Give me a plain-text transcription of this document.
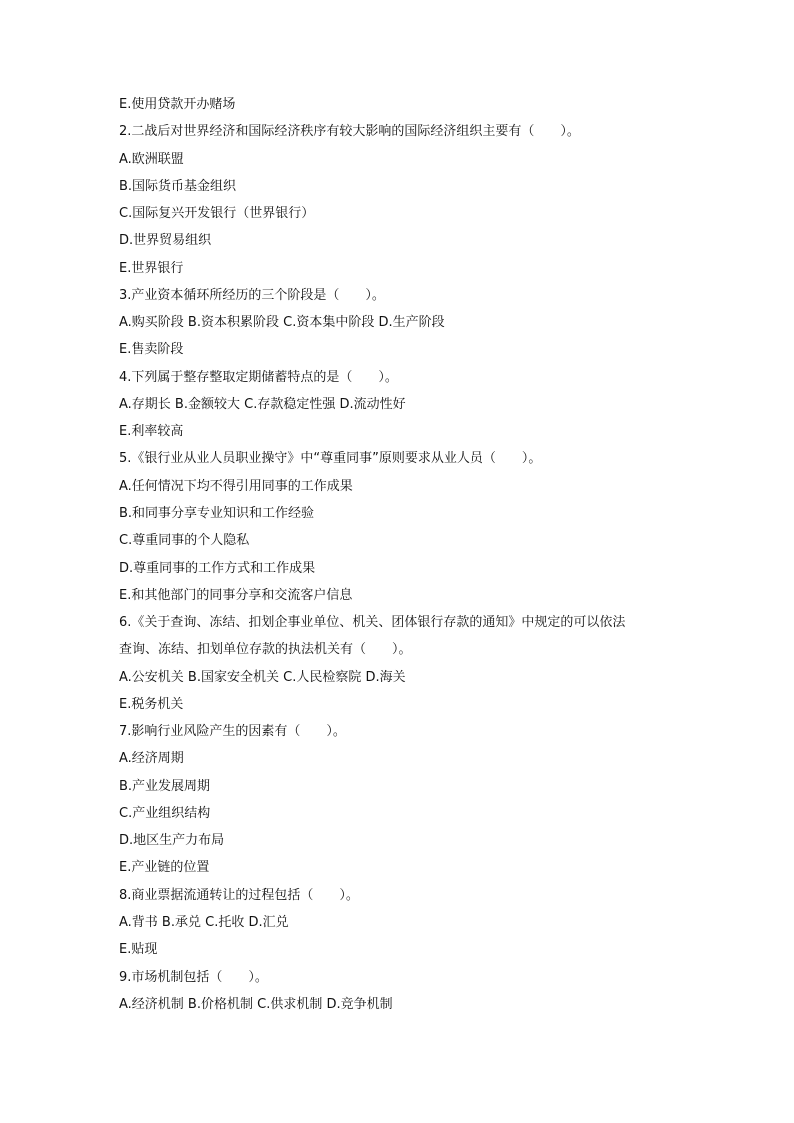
E.使用贷款开办赌场
2.二战后对世界经济和国际经济秩序有较大影响的国际经济组织主要有（　　）。
A.欧洲联盟
B.国际货币基金组织
C.国际复兴开发银行（世界银行）
D.世界贸易组织
E.世界银行
3.产业资本循环所经历的三个阶段是（　　）。
A.购买阶段 B.资本积累阶段 C.资本集中阶段 D.生产阶段
E.售卖阶段
4.下列属于整存整取定期储蓄特点的是（　　）。
A.存期长 B.金额较大 C.存款稳定性强 D.流动性好
E.利率较高
5.《银行业从业人员职业操守》中“尊重同事”原则要求从业人员（　　）。
A.任何情况下均不得引用同事的工作成果
B.和同事分享专业知识和工作经验
C.尊重同事的个人隐私
D.尊重同事的工作方式和工作成果
E.和其他部门的同事分享和交流客户信息
6.《关于查询、冻结、扣划企事业单位、机关、团体银行存款的通知》中规定的可以依法
查询、冻结、扣划单位存款的执法机关有（　　）。
A.公安机关 B.国家安全机关 C.人民检察院 D.海关
E.税务机关
7.影响行业风险产生的因素有（　　）。
A.经济周期
B.产业发展周期
C.产业组织结构
D.地区生产力布局
E.产业链的位置
8.商业票据流通转让的过程包括（　　）。
A.背书 B.承兑 C.托收 D.汇兑
E.贴现
9.市场机制包括（　　）。
A.经济机制 B.价格机制 C.供求机制 D.竞争机制
